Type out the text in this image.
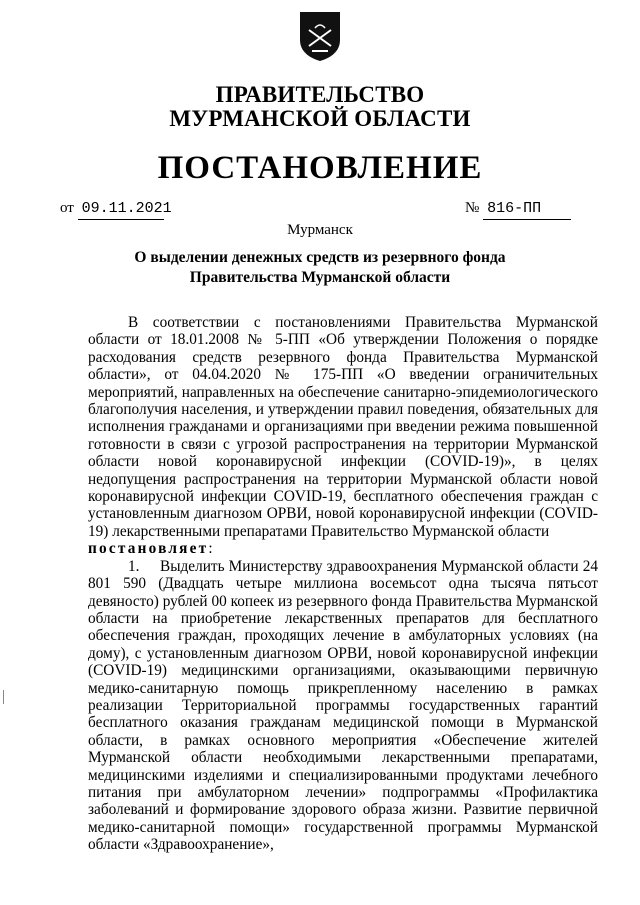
ПРАВИТЕЛЬСТВО
МУРМАНСКОЙ ОБЛАСТИ
ПОСТАНОВЛЕНИЕ
от 09.11.2021	№ 816-ПП
Мурманск
О выделении денежных средств из резервного фонда
Правительства Мурманской области

В соответствии с постановлениями Правительства Мурманской области от 18.01.2008 № 5-ПП «Об утверждении Положения о порядке расходования средств резервного фонда Правительства Мурманской области», от 04.04.2020 № 175-ПП «О введении ограничительных мероприятий, направленных на обеспечение санитарно-эпидемиологического благополучия населения, и утверждении правил поведения, обязательных для исполнения гражданами и организациями при введении режима повышенной готовности в связи с угрозой распространения на территории Мурманской области новой коронавирусной инфекции (COVID-19)», в целях недопущения распространения на территории Мурманской области новой коронавирусной инфекции COVID-19, бесплатного обеспечения граждан с установленным диагнозом ОРВИ, новой коронавирусной инфекции (COVID-19) лекарственными препаратами Правительство Мурманской области

постановляет:

1. Выделить Министерству здравоохранения Мурманской области 24 801 590 (Двадцать четыре миллиона восемьсот одна тысяча пятьсот девяносто) рублей 00 копеек из резервного фонда Правительства Мурманской области на приобретение лекарственных препаратов для бесплатного обеспечения граждан, проходящих лечение в амбулаторных условиях (на дому), с установленным диагнозом ОРВИ, новой коронавирусной инфекции (COVID-19) медицинскими организациями, оказывающими первичную медико-санитарную помощь прикрепленному населению в рамках реализации Территориальной программы государственных гарантий бесплатного оказания гражданам медицинской помощи в Мурманской области, в рамках основного мероприятия «Обеспечение жителей Мурманской области необходимыми лекарственными препаратами, медицинскими изделиями и специализированными продуктами лечебного питания при амбулаторном лечении» подпрограммы «Профилактика заболеваний и формирование здорового образа жизни. Развитие первичной медико-санитарной помощи» государственной программы Мурманской области «Здравоохранение»,
